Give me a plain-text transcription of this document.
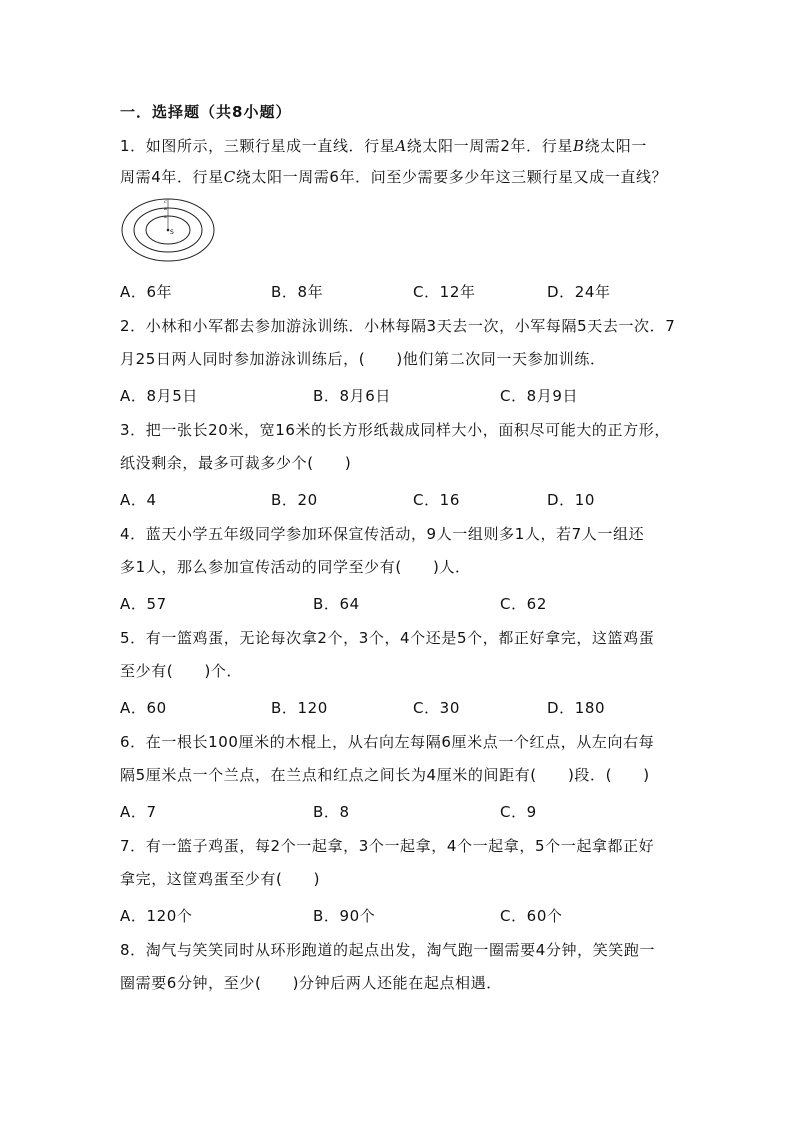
一．选择题（共8小题）
1．如图所示，三颗行星成一直线．行星A绕太阳一周需2年．行星B绕太阳一
周需4年．行星C绕太阳一周需6年．问至少需要多少年这三颗行星又成一直线？
S
A
B
C
A．6年	B．8年	C．12年	D．24年
2．小林和小军都去参加游泳训练．小林每隔3天去一次，小军每隔5天去一次．7
月25日两人同时参加游泳训练后，(　　)他们第二次同一天参加训练．
A．8月5日	B．8月6日	C．8月9日
3．把一张长20米，宽16米的长方形纸裁成同样大小，面积尽可能大的正方形，
纸没剩余，最多可裁多少个(　　)
A．4	B．20	C．16	D．10
4．蓝天小学五年级同学参加环保宣传活动，9人一组则多1人，若7人一组还
多1人，那么参加宣传活动的同学至少有(　　)人．
A．57	B．64	C．62
5．有一篮鸡蛋，无论每次拿2个，3个，4个还是5个，都正好拿完，这篮鸡蛋
至少有(　　)个．
A．60	B．120	C．30	D．180
6．在一根长100厘米的木棍上，从右向左每隔6厘米点一个红点，从左向右每
隔5厘米点一个兰点，在兰点和红点之间长为4厘米的间距有(　　)段．(　　)
A．7	B．8	C．9
7．有一篮子鸡蛋，每2个一起拿，3个一起拿，4个一起拿，5个一起拿都正好
拿完，这筐鸡蛋至少有(　　)
A．120个	B．90个	C．60个
8．淘气与笑笑同时从环形跑道的起点出发，淘气跑一圈需要4分钟，笑笑跑一
圈需要6分钟，至少(　　)分钟后两人还能在起点相遇．
